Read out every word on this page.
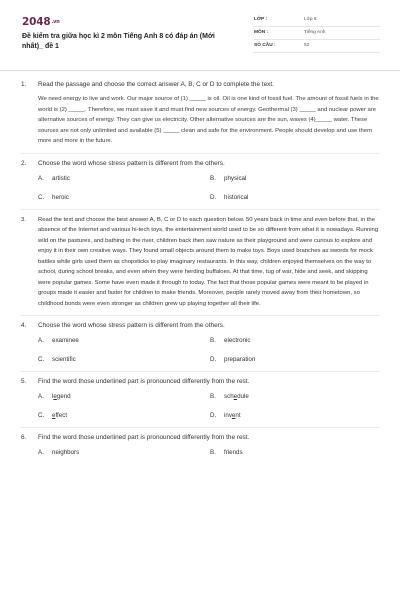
2048.vn
Đề kiểm tra giữa học kì 2 môn Tiếng Anh 8 có đáp án (Mới nhất)_ đề 1
LỚP :	Lớp 8
MÔN :	Tiếng Anh
SỐ CÂU :	52
1. Read the passage and choose the correct answer A, B, C or D to complete the text.
We need energy to live and work. Our major source of (1) _____ is oil. Oil is one kind of fossil fuel. The amount of fossil fuels in the world is (2) _____. Therefore, we must save it and must find new sources of energy. Geothermal (3) _____ and nuclear power are alternative sources of energy. They can give us electricity. Other alternative sources are the sun, waves (4)_____ water. These sources are not only unlimited and available (5) _____ clean and safe for the environment. People should develop and use them more and more in the future.
2. Choose the word whose stress pattern is different from the others.
A. artistic	B. physical
C. heroic	D. historical
3. Read the text and choose the best answer A, B, C or D to each question below. 50 years back in time and even before that, in the absence of the Internet and various hi-tech toys, the entertainment world used to be so different from what it is nowadays. Running wild on the pastures, and bathing in the river, children back then saw nature as their playground and were curious to explore and enjoy it in their own creative ways. They found small objects around them to make toys. Boys used branches as swords for mock battles while girls used them as chopsticks to play imaginary restaurants. In this way, children enjoyed themselves on the way to school, during school breaks, and even when they were herding buffaloes. At that time, tug of war, hide and seek, and skipping were popular games. Some have even made it through to today. The fact that those popular games were meant to be played in groups made it easier and faster for children to make friends. Moreover, people rarely moved away from their hometown, so childhood bonds were even stronger as children grew up playing together all their life.
4. Choose the word whose stress pattern is different from the others.
A. examinee	B. electronic
C. scientific	D. preparation
5. Find the word those underlined part is pronounced differently from the rest.
A. legend	B. schedule
C. effect	D. invent
6. Find the word those underlined part is pronounced differently from the rest.
A. neighbors	B. friends
